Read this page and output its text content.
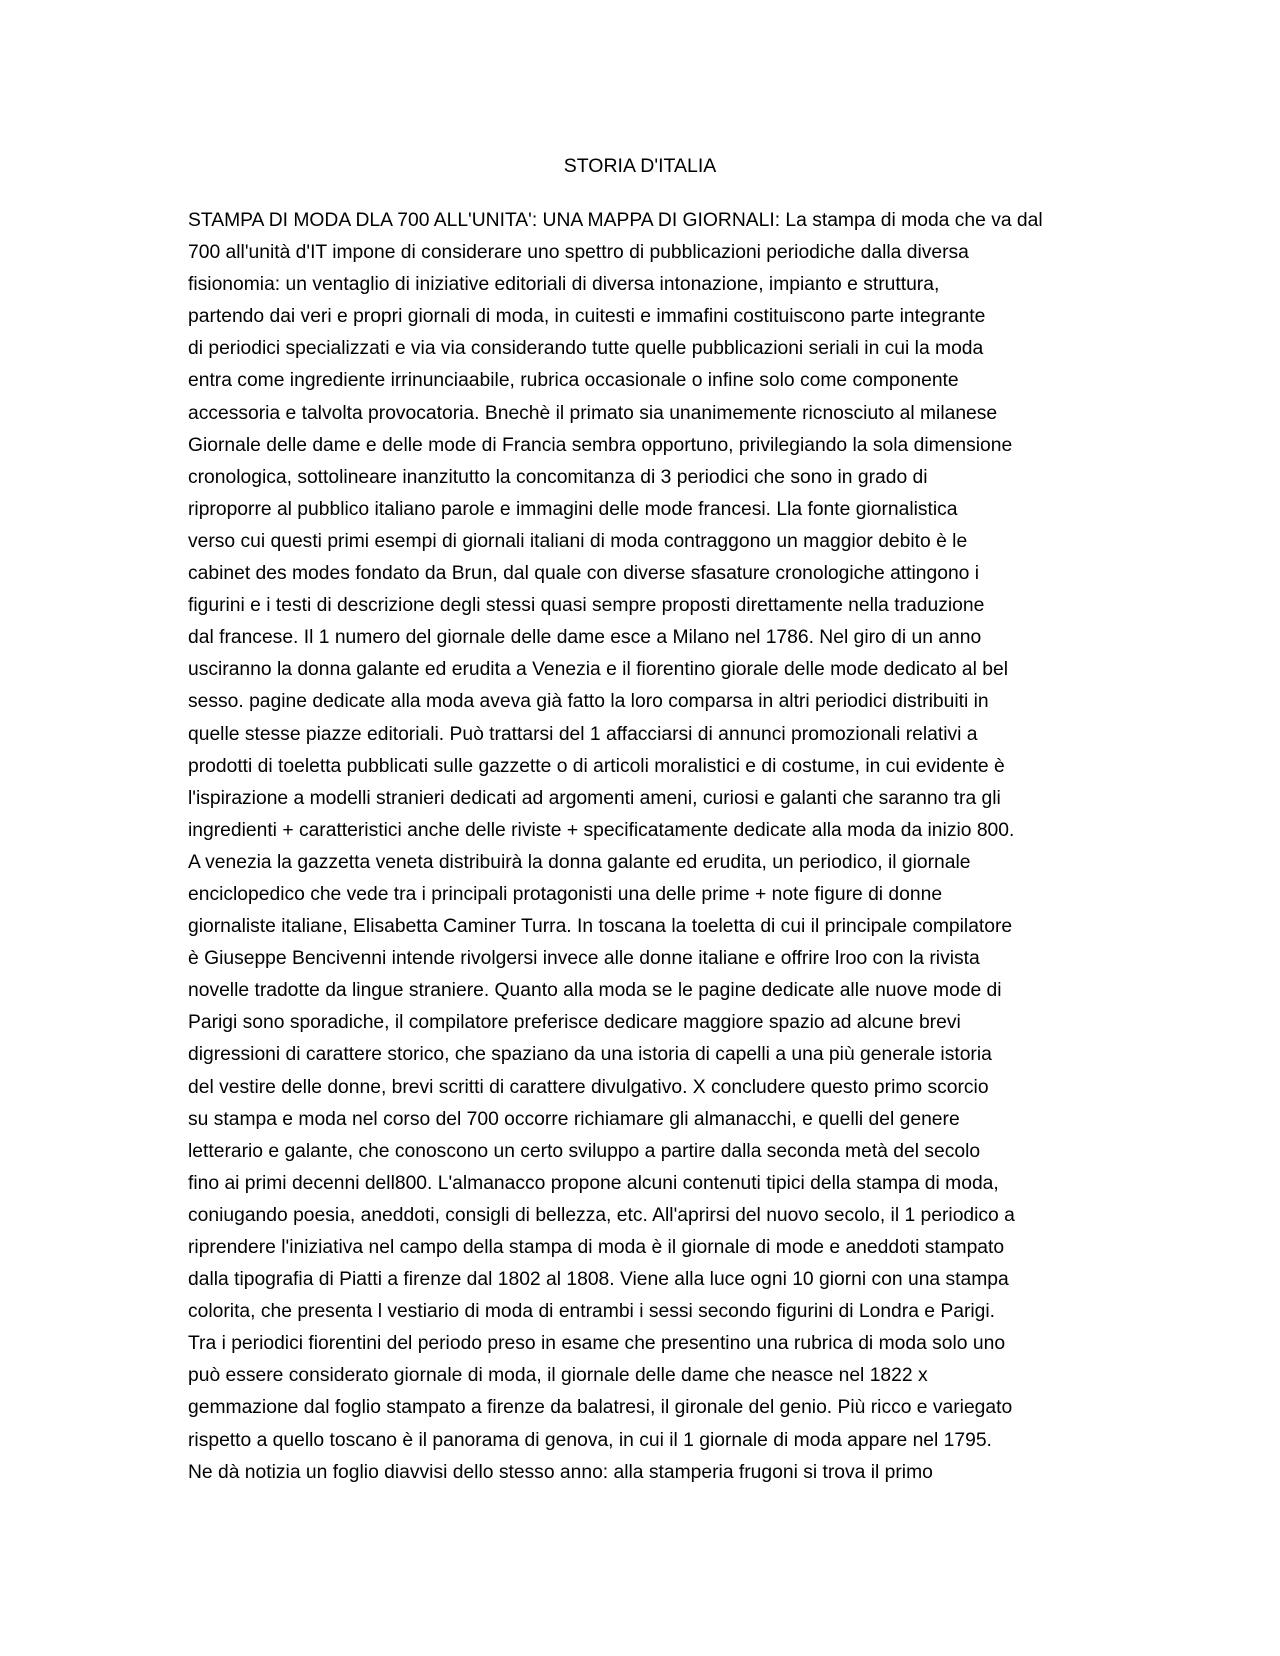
STORIA D'ITALIA
STAMPA DI MODA DLA 700 ALL'UNITA': UNA MAPPA DI GIORNALI: La stampa di moda che va dal
700 all'unità d'IT impone di considerare uno spettro di pubblicazioni periodiche dalla diversa
fisionomia: un ventaglio di iniziative editoriali di diversa intonazione, impianto e struttura,
partendo dai veri e propri giornali di moda, in cuitesti e immafini costituiscono parte integrante
di periodici specializzati e via via considerando tutte quelle pubblicazioni seriali in cui la moda
entra come ingrediente irrinunciaabile, rubrica occasionale o infine solo come componente
accessoria e talvolta provocatoria. Bnechè il primato sia unanimemente ricnosciuto al milanese
Giornale delle dame e delle mode di Francia sembra opportuno, privilegiando la sola dimensione
cronologica, sottolineare inanzitutto la concomitanza di 3 periodici che sono in grado di
riproporre al pubblico italiano parole e immagini delle mode francesi. Lla fonte giornalistica
verso cui questi primi esempi di giornali italiani di moda contraggono un maggior debito è le
cabinet des modes fondato da Brun, dal quale con diverse sfasature cronologiche attingono i
figurini e i testi di descrizione degli stessi quasi sempre proposti direttamente nella traduzione
dal francese. Il 1 numero del giornale delle dame esce a Milano nel 1786. Nel giro di un anno
usciranno la donna galante ed erudita a Venezia e il fiorentino giorale delle mode dedicato al bel
sesso. pagine dedicate alla moda aveva già fatto la loro comparsa in altri periodici distribuiti in
quelle stesse piazze editoriali. Può trattarsi del 1 affacciarsi di annunci promozionali relativi a
prodotti di toeletta pubblicati sulle gazzette o di articoli moralistici e di costume, in cui evidente è
l'ispirazione a modelli stranieri dedicati ad argomenti ameni, curiosi e galanti che saranno tra gli
ingredienti + caratteristici anche delle riviste + specificatamente dedicate alla moda da inizio 800.
A venezia la gazzetta veneta distribuirà la donna galante ed erudita, un periodico, il giornale
enciclopedico che vede tra i principali protagonisti una delle prime + note figure di donne
giornaliste italiane, Elisabetta Caminer Turra. In toscana la toeletta di cui il principale compilatore
è Giuseppe Bencivenni intende rivolgersi invece alle donne italiane e offrire lroo con la rivista
novelle tradotte da lingue straniere. Quanto alla moda se le pagine dedicate alle nuove mode di
Parigi sono sporadiche, il compilatore preferisce dedicare maggiore spazio ad alcune brevi
digressioni di carattere storico, che spaziano da una istoria di capelli a una più generale istoria
del vestire delle donne, brevi scritti di carattere divulgativo. X concludere questo primo scorcio
su stampa e moda nel corso del 700 occorre richiamare gli almanacchi, e quelli del genere
letterario e galante, che conoscono un certo sviluppo a partire dalla seconda metà del secolo
fino ai primi decenni dell800. L'almanacco propone alcuni contenuti tipici della stampa di moda,
coniugando poesia, aneddoti, consigli di bellezza, etc. All'aprirsi del nuovo secolo, il 1 periodico a
riprendere l'iniziativa nel campo della stampa di moda è il giornale di mode e aneddoti stampato
dalla tipografia di Piatti a firenze dal 1802 al 1808. Viene alla luce ogni 10 giorni con una stampa
colorita, che presenta l vestiario di moda di entrambi i sessi secondo figurini di Londra e Parigi.
Tra i periodici fiorentini del periodo preso in esame che presentino una rubrica di moda solo uno
può essere considerato giornale di moda, il giornale delle dame che neasce nel 1822 x
gemmazione dal foglio stampato a firenze da balatresi, il gironale del genio. Più ricco e variegato
rispetto a quello toscano è il panorama di genova, in cui il 1 giornale di moda appare nel 1795.
Ne dà notizia un foglio diavvisi dello stesso anno: alla stamperia frugoni si trova il primo
